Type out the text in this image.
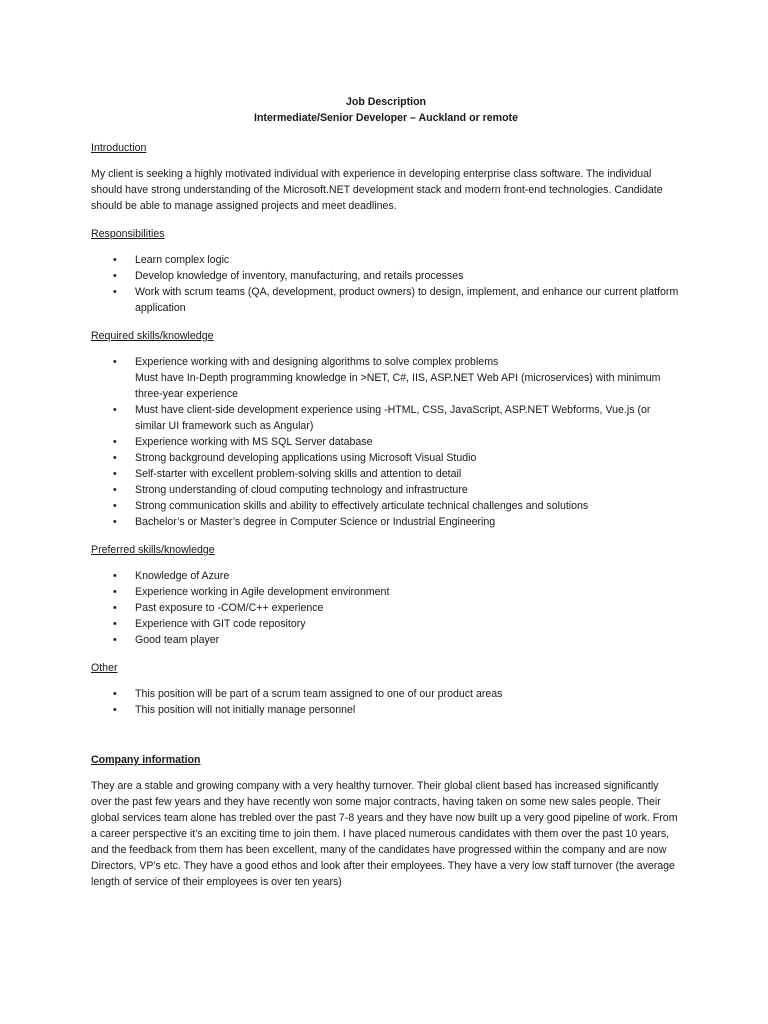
Job Description

Intermediate/Senior Developer – Auckland or remote

Introduction

My client is seeking a highly motivated individual with experience in developing enterprise class software. The individual should have strong understanding of the Microsoft.NET development stack and modern front-end technologies. Candidate should be able to manage assigned projects and meet deadlines.

Responsibilities
• Learn complex logic
• Develop knowledge of inventory, manufacturing, and retails processes
• Work with scrum teams (QA, development, product owners) to design, implement, and enhance our current platform application
Required skills/knowledge
• Experience working with and designing algorithms to solve complex problems
Must have In-Depth programming knowledge in >NET, C#, IIS, ASP.NET Web API (microservices) with minimum three-year experience
• Must have client-side development experience using -HTML, CSS, JavaScript, ASP.NET Webforms, Vue.js (or similar UI framework such as Angular)
• Experience working with MS SQL Server database
• Strong background developing applications using Microsoft Visual Studio
• Self-starter with excellent problem-solving skills and attention to detail
• Strong understanding of cloud computing technology and infrastructure
• Strong communication skills and ability to effectively articulate technical challenges and solutions
• Bachelor’s or Master’s degree in Computer Science or Industrial Engineering
Preferred skills/knowledge
• Knowledge of Azure
• Experience working in Agile development environment
• Past exposure to -COM/C++ experience
• Experience with GIT code repository
• Good team player
Other
• This position will be part of a scrum team assigned to one of our product areas
• This position will not initially manage personnel
Company information

They are a stable and growing company with a very healthy turnover. Their global client based has increased significantly over the past few years and they have recently won some major contracts, having taken on some new sales people. Their global services team alone has trebled over the past 7-8 years and they have now built up a very good pipeline of work. From a career perspective it’s an exciting time to join them. I have placed numerous candidates with them over the past 10 years, and the feedback from them has been excellent, many of the candidates have progressed within the company and are now Directors, VP’s etc. They have a good ethos and look after their employees. They have a very low staff turnover (the average length of service of their employees is over ten years)
